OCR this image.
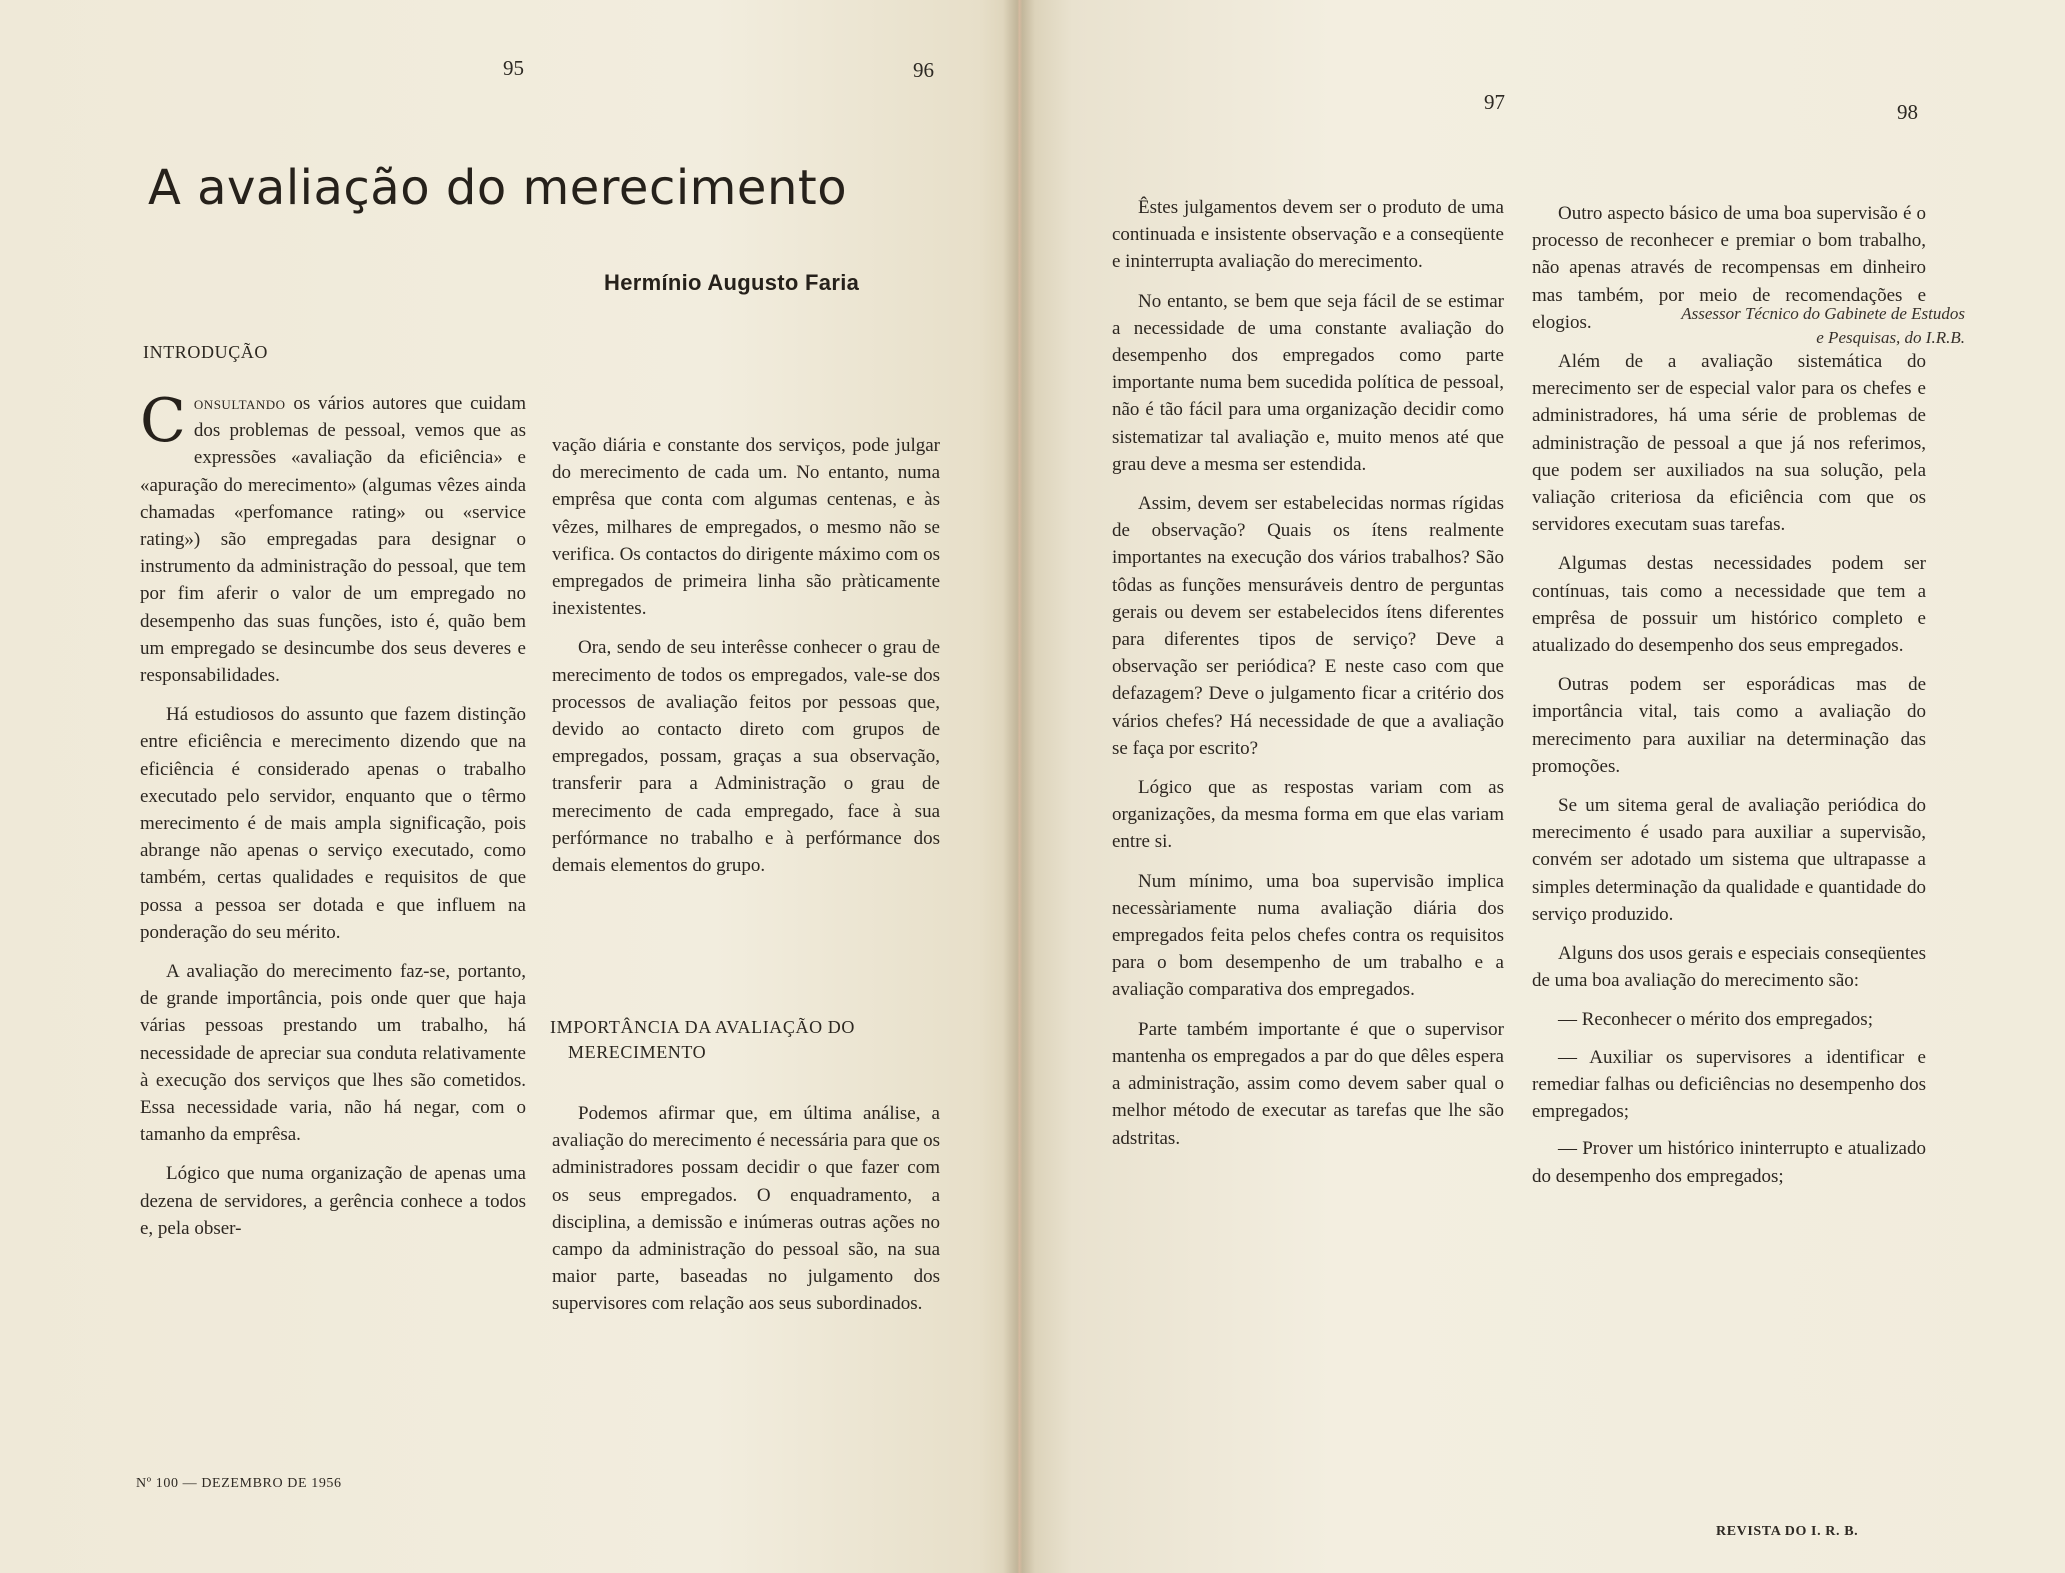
95	96
97	98
A avaliação do merecimento
Hermínio Augusto Faria
Assessor Técnico do Gabinete de Estudos
e Pesquisas, do I.R.B.
INTRODUÇÃO

Consultando os vários autores que cuidam dos problemas de pessoal, vemos que as expressões «avaliação da eficiência» e «apuração do merecimento» (algumas vêzes ainda chamadas «perfomance rating» ou «service rating») são empregadas para designar o instrumento da administração do pessoal, que tem por fim aferir o valor de um empregado no desempenho das suas funções, isto é, quão bem um empregado se desincumbe dos seus deveres e responsabilidades.

Há estudiosos do assunto que fazem distinção entre eficiência e merecimento dizendo que na eficiência é considerado apenas o trabalho executado pelo servidor, enquanto que o têrmo merecimento é de mais ampla significação, pois abrange não apenas o serviço executado, como também, certas qualidades e requisitos de que possa a pessoa ser dotada e que influem na ponderação do seu mérito.

A avaliação do merecimento faz-se, portanto, de grande importância, pois onde quer que haja várias pessoas prestando um trabalho, há necessidade de apreciar sua conduta relativamente à execução dos serviços que lhes são cometidos. Essa necessidade varia, não há negar, com o tamanho da emprêsa.

Lógico que numa organização de apenas uma dezena de servidores, a gerência conhece a todos e, pela obser-

vação diária e constante dos serviços, pode julgar do merecimento de cada um. No entanto, numa emprêsa que conta com algumas centenas, e às vêzes, milhares de empregados, o mesmo não se verifica. Os contactos do dirigente máximo com os empregados de primeira linha são pràticamente inexistentes.

Ora, sendo de seu interêsse conhecer o grau de merecimento de todos os empregados, vale-se dos processos de avaliação feitos por pessoas que, devido ao contacto direto com grupos de empregados, possam, graças a sua observação, transferir para a Administração o grau de merecimento de cada empregado, face à sua perfórmance no trabalho e à perfórmance dos demais elementos do grupo.

IMPORTÂNCIA DA AVALIAÇÃO DO
MERECIMENTO

Podemos afirmar que, em última análise, a avaliação do merecimento é necessária para que os administradores possam decidir o que fazer com os seus empregados. O enquadramento, a disciplina, a demissão e inúmeras outras ações no campo da administração do pessoal são, na sua maior parte, baseadas no julgamento dos supervisores com relação aos seus subordinados.

Êstes julgamentos devem ser o produto de uma continuada e insistente observação e a conseqüente e ininterrupta avaliação do merecimento.

No entanto, se bem que seja fácil de se estimar a necessidade de uma constante avaliação do desempenho dos empregados como parte importante numa bem sucedida política de pessoal, não é tão fácil para uma organização decidir como sistematizar tal avaliação e, muito menos até que grau deve a mesma ser estendida.

Assim, devem ser estabelecidas normas rígidas de observação? Quais os ítens realmente importantes na execução dos vários trabalhos? São tôdas as funções mensuráveis dentro de perguntas gerais ou devem ser estabelecidos ítens diferentes para diferentes tipos de serviço? Deve a observação ser periódica? E neste caso com que defazagem? Deve o julgamento ficar a critério dos vários chefes? Há necessidade de que a avaliação se faça por escrito?

Lógico que as respostas variam com as organizações, da mesma forma em que elas variam entre si.

Num mínimo, uma boa supervisão implica necessàriamente numa avaliação diária dos empregados feita pelos chefes contra os requisitos para o bom desempenho de um trabalho e a avaliação comparativa dos empregados.

Parte também importante é que o supervisor mantenha os empregados a par do que dêles espera a administração, assim como devem saber qual o melhor método de executar as tarefas que lhe são adstritas.

Outro aspecto básico de uma boa supervisão é o processo de reconhecer e premiar o bom trabalho, não apenas através de recompensas em dinheiro mas também, por meio de recomendações e elogios.

Além de a avaliação sistemática do merecimento ser de especial valor para os chefes e administradores, há uma série de problemas de administração de pessoal a que já nos referimos, que podem ser auxiliados na sua solução, pela valiação criteriosa da eficiência com que os servidores executam suas tarefas.

Algumas destas necessidades podem ser contínuas, tais como a necessidade que tem a emprêsa de possuir um histórico completo e atualizado do desempenho dos seus empregados.

Outras podem ser esporádicas mas de importância vital, tais como a avaliação do merecimento para auxiliar na determinação das promoções.

Se um sitema geral de avaliação periódica do merecimento é usado para auxiliar a supervisão, convém ser adotado um sistema que ultrapasse a simples determinação da qualidade e quantidade do serviço produzido.

Alguns dos usos gerais e especiais conseqüentes de uma boa avaliação do merecimento são:

— Reconhecer o mérito dos empregados;
— Auxiliar os supervisores a identificar e remediar falhas ou deficiências no desempenho dos empregados;
— Prover um histórico ininterrupto e atualizado do desempenho dos empregados;
Nº 100 — DEZEMBRO DE 1956
REVISTA DO I. R. B.
